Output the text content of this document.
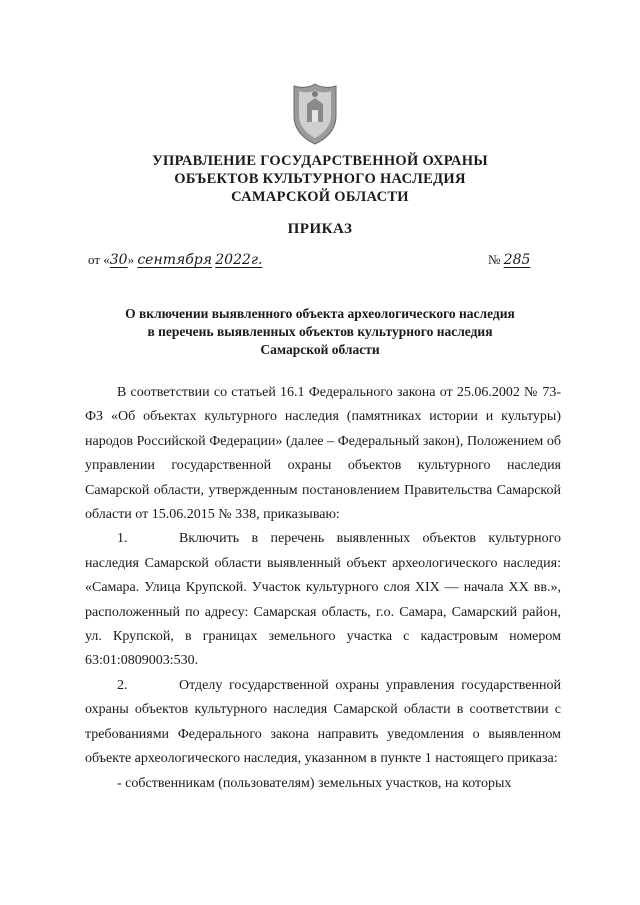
УПРАВЛЕНИЕ ГОСУДАРСТВЕННОЙ ОХРАНЫ
ОБЪЕКТОВ КУЛЬТУРНОГО НАСЛЕДИЯ
САМАРСКОЙ ОБЛАСТИ
ПРИКАЗ
от «30» сентября 2022г.	№ 285
О включении выявленного объекта археологического наследия
в перечень выявленных объектов культурного наследия
Самарской области

В соответствии со статьей 16.1 Федерального закона от 25.06.2002 № 73-ФЗ «Об объектах культурного наследия (памятниках истории и культуры) народов Российской Федерации» (далее – Федеральный закон), Положением об управлении государственной охраны объектов культурного наследия Самарской области, утвержденным постановлением Правительства Самарской области от 15.06.2015 № 338, приказываю:

1.	Включить в перечень выявленных объектов культурного наследия Самарской области выявленный объект археологического наследия: «Самара. Улица Крупской. Участок культурного слоя XIX — начала XX вв.», расположенный по адресу: Самарская область, г.о. Самара, Самарский район, ул. Крупской, в границах земельного участка с кадастровым номером 63:01:0809003:530.

2.	Отделу государственной охраны управления государственной охраны объектов культурного наследия Самарской области в соответствии с требованиями Федерального закона направить уведомления о выявленном объекте археологического наследия, указанном в пункте 1 настоящего приказа:

- собственникам (пользователям) земельных участков, на которых
